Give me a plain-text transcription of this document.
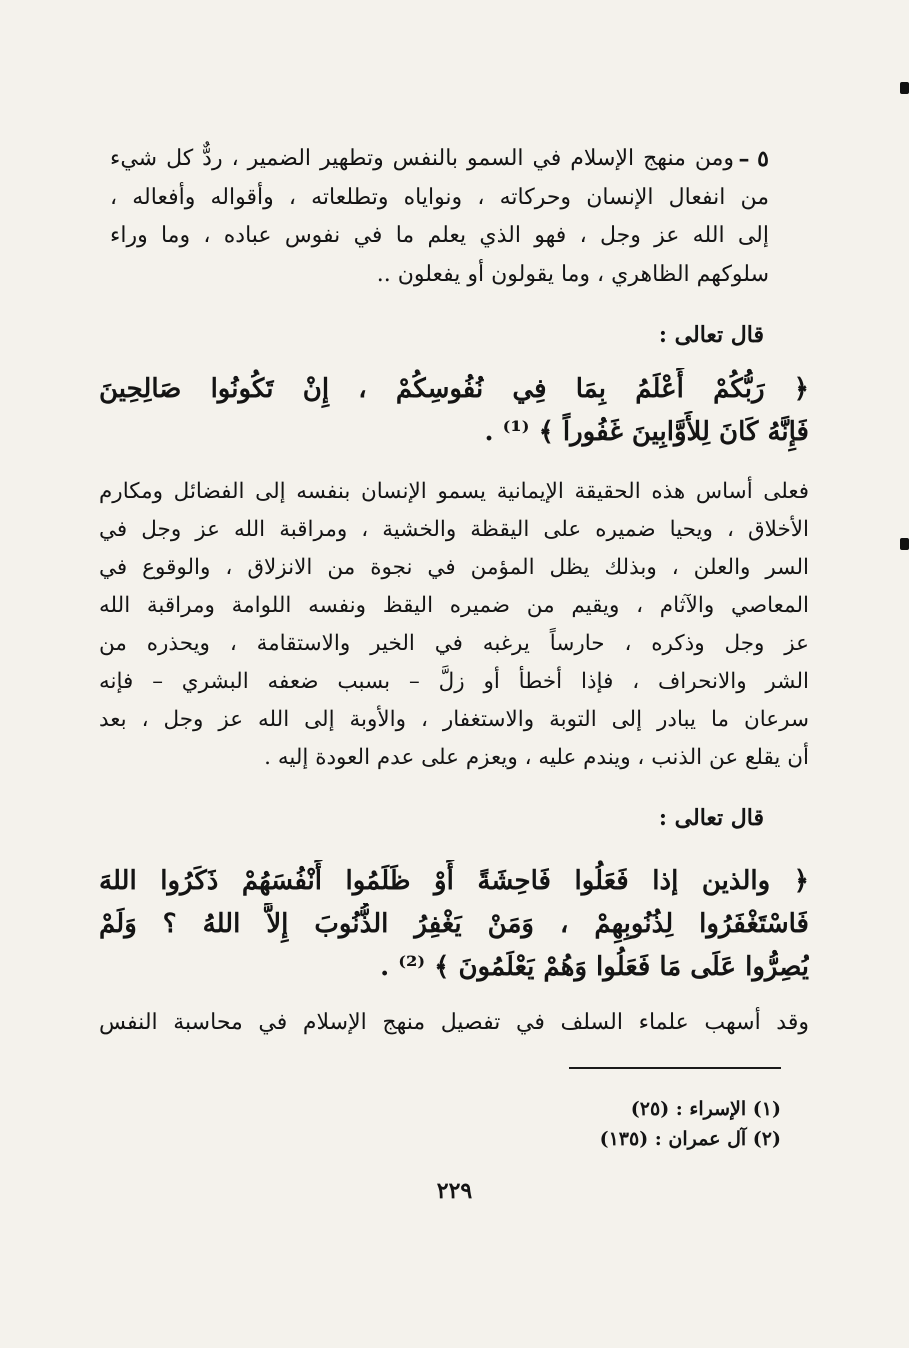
٥ –
ومن منهج الإسلام في السمو بالنفس وتطهير الضمير ، ردٌّ كل شيء
من انفعال الإنسان وحركاته ، ونواياه وتطلعاته ، وأقواله وأفعاله ،
إلى الله عز وجل ، فهو الذي يعلم ما في نفوس عباده ، وما وراء
سلوكهم الظاهري ، وما يقولون أو يفعلون ..
قال تعالى :
﴿ رَبُّكُمْ أَعْلَمُ بِمَا فِي نُفُوسِكُمْ ، إِنْ تَكُونُوا صَالِحِينَ
فَإِنَّهُ كَانَ لِلأَوَّابِينَ غَفُوراً ﴾ ⁽¹⁾ .
فعلى أساس هذه الحقيقة الإيمانية يسمو الإنسان بنفسه إلى الفضائل ومكارم
الأخلاق ، ويحيا ضميره على اليقظة والخشية ، ومراقبة الله عز وجل في
السر والعلن ، وبذلك يظل المؤمن في نجوة من الانزلاق ، والوقوع في
المعاصي والآثام ، ويقيم من ضميره اليقظ ونفسه اللوامة ومراقبة الله
عز وجل وذكره ، حارساً يرغبه في الخير والاستقامة ، ويحذره من
الشر والانحراف ، فإذا أخطأ أو زلَّ – بسبب ضعفه البشري – فإنه
سرعان ما يبادر إلى التوبة والاستغفار ، والأوبة إلى الله عز وجل ، بعد
أن يقلع عن الذنب ، ويندم عليه ، ويعزم على عدم العودة إليه .
قال تعالى :
﴿ والذين إذا فَعَلُوا فَاحِشَةً أَوْ ظَلَمُوا أَنْفُسَهُمْ ذَكَرُوا اللهَ
فَاسْتَغْفَرُوا لِذُنُوبِهِمْ ، وَمَنْ يَغْفِرُ الذُّنُوبَ إِلاَّ اللهُ ؟ وَلَمْ
يُصِرُّوا عَلَى مَا فَعَلُوا وَهُمْ يَعْلَمُونَ ﴾ ⁽²⁾ .
وقد أسهب علماء السلف في تفصيل منهج الإسلام في محاسبة النفس
(١) الإسراء : (٢٥)
(٢) آل عمران : (١٣٥)
٢٢٩
